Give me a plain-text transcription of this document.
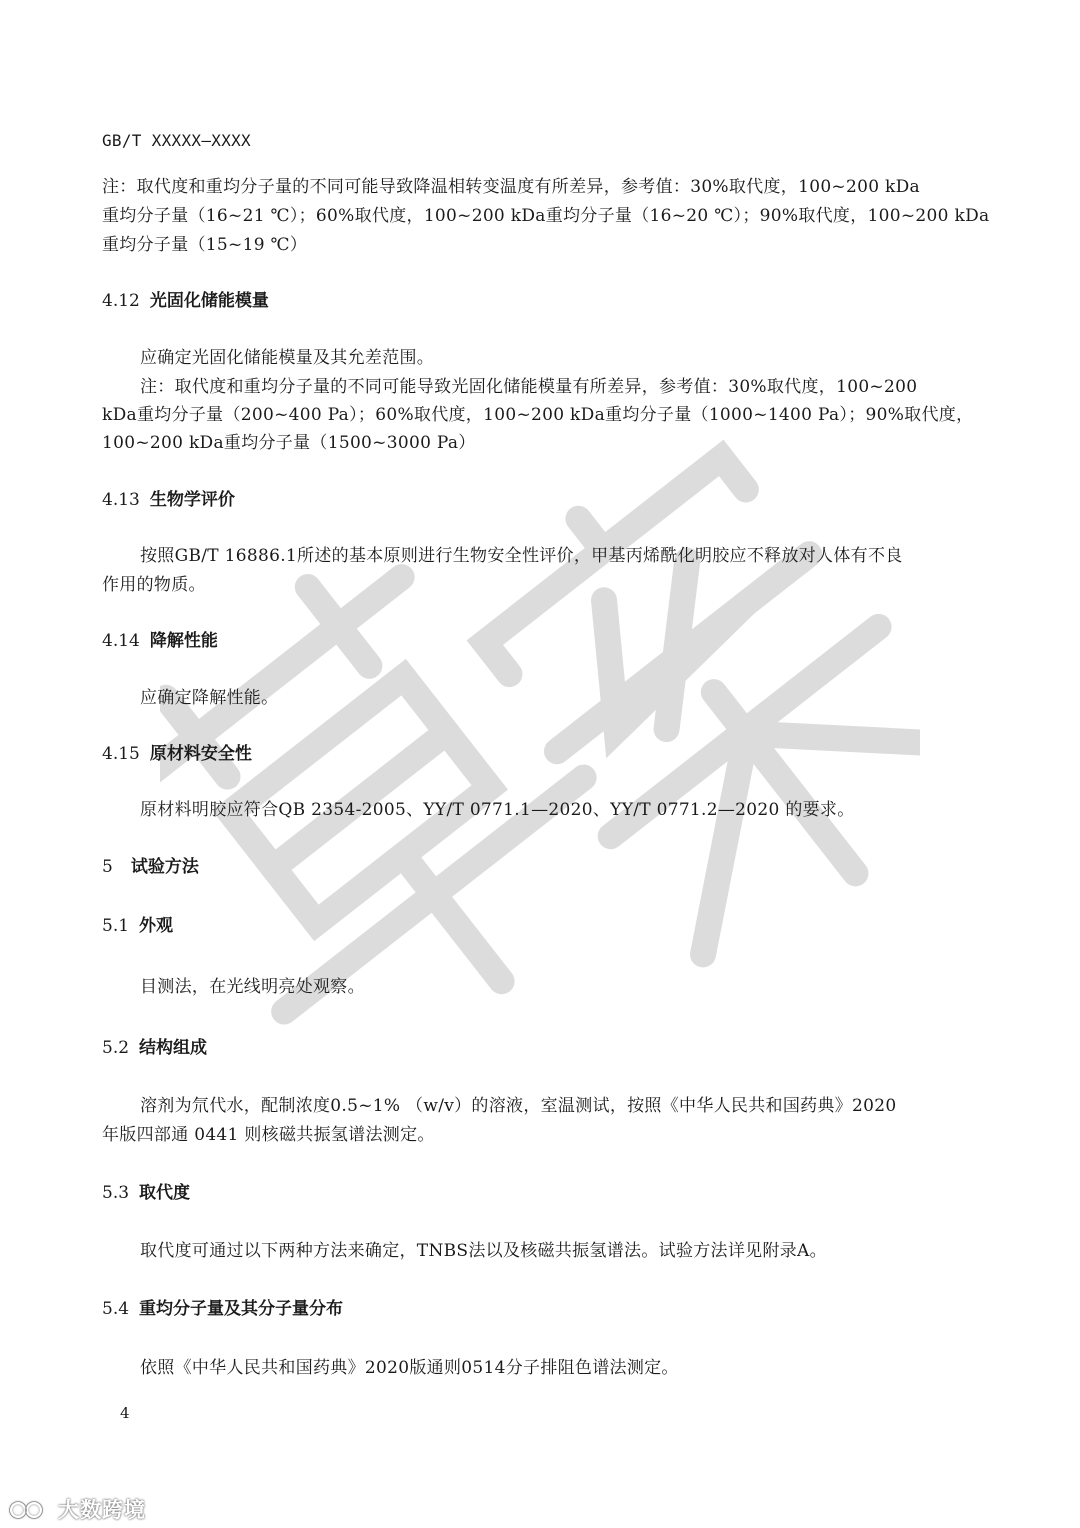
GB/T XXXXX—XXXX
注：取代度和重均分子量的不同可能导致降温相转变温度有所差异，参考值：30%取代度，100~200 kDa
重均分子量（16~21 ℃）；60%取代度，100~200 kDa重均分子量（16~20 ℃）；90%取代度，100~200 kDa
重均分子量（15~19 ℃）
4.12 光固化储能模量
应确定光固化储能模量及其允差范围。
注：取代度和重均分子量的不同可能导致光固化储能模量有所差异，参考值：30%取代度，100~200
kDa重均分子量（200~400 Pa）；60%取代度，100~200 kDa重均分子量（1000~1400 Pa）；90%取代度，
100~200 kDa重均分子量（1500~3000 Pa）
4.13 生物学评价
按照GB/T 16886.1所述的基本原则进行生物安全性评价，甲基丙烯酰化明胶应不释放对人体有不良
作用的物质。
4.14 降解性能
应确定降解性能。
4.15 原材料安全性
原材料明胶应符合QB 2354-2005、YY/T 0771.1—2020、YY/T 0771.2—2020 的要求。
5 试验方法
5.1 外观
目测法，在光线明亮处观察。
5.2 结构组成
溶剂为氘代水，配制浓度0.5~1% （w/v）的溶液，室温测试，按照《中华人民共和国药典》2020
年版四部通 0441 则核磁共振氢谱法测定。
5.3 取代度
取代度可通过以下两种方法来确定，TNBS法以及核磁共振氢谱法。试验方法详见附录A。
5.4 重均分子量及其分子量分布
依照《中华人民共和国药典》2020版通则0514分子排阻色谱法测定。
4
大数跨境
